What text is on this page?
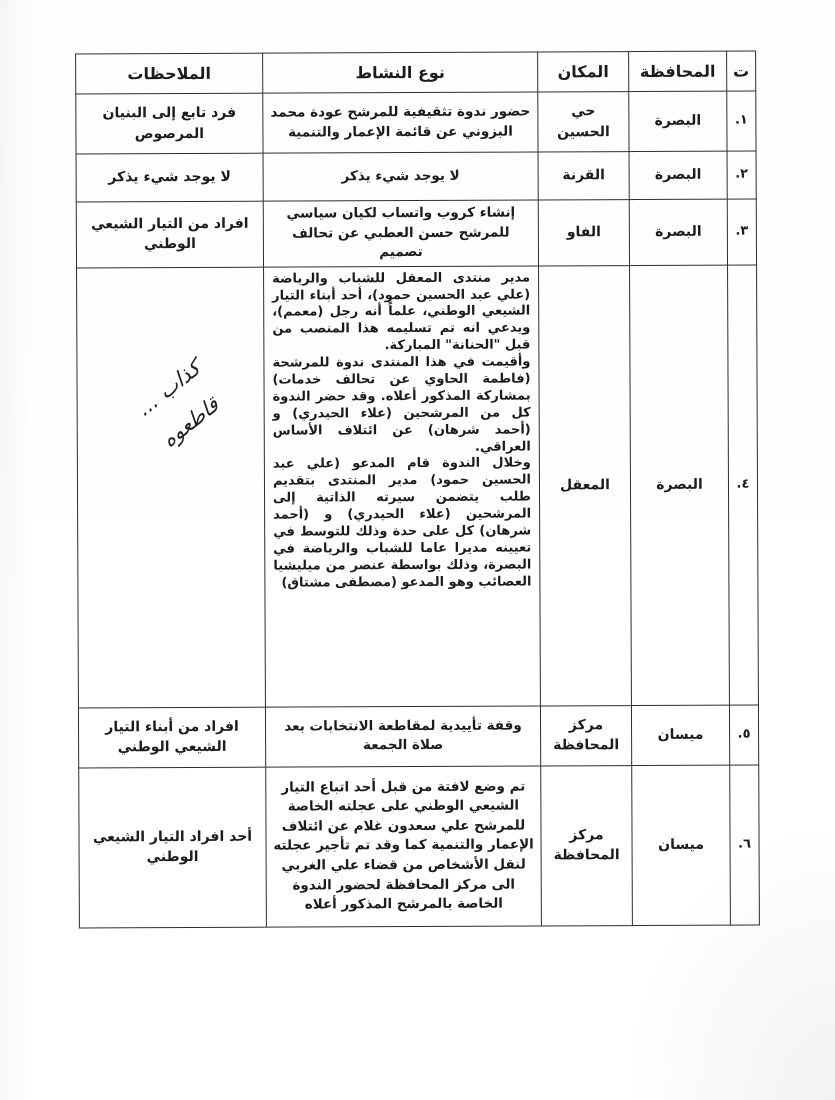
ت	المحافظة	المكان	نوع النشاط	الملاحظات
١.	البصرة	حي الحسين	حضور ندوة تثقيفية للمرشح عودة محمد البزوني عن قائمة الإعمار والتنمية	فرد تابع إلى البنيان المرصوص
٢.	البصرة	القرنة	لا يوجد شيء يذكر	لا يوجد شيء يذكر
٣.	البصرة	الفاو	إنشاء كروب واتساب لكيان سياسي للمرشح حسن العطبي عن تحالف تصميم	افراد من التيار الشيعي الوطني
٤.	البصرة	المعقل	مدير منتدى المعقل للشباب والرياضة (علي عبد الحسين حمود)، أحد أبناء التيار الشيعي الوطني، علماً أنه رجل (معمم)، ويدعي انه تم تسليمه هذا المنصب من قبل "الحنانة" المباركة.
وأقيمت في هذا المنتدى ندوة للمرشحة (فاطمة الحاوي عن تحالف خدمات) بمشاركة المذكور أعلاه. وقد حضر الندوة كل من المرشحين (علاء الحيدري) و (أحمد شرهان) عن ائتلاف الأساس العراقي.
وخلال الندوة قام المدعو (علي عبد الحسين حمود) مدير المنتدى بتقديم طلب يتضمن سيرته الذاتية إلى المرشحين (علاء الحيدري) و (أحمد شرهان) كل على حدة وذلك للتوسط في تعيينه مديرا عاما للشباب والرياضة في البصرة، وذلك بواسطة عنصر من ميليشيا العصائب وهو المدعو (مصطفى مشتاق)	كذاب ...
قاطعوه
٥.	ميسان	مركز المحافظة	وقفة تأييدية لمقاطعة الانتخابات بعد صلاة الجمعة	افراد من أبناء التيار الشيعي الوطني
٦.	ميسان	مركز المحافظة	تم وضع لافتة من قبل أحد اتباع التيار الشيعي الوطني على عجلته الخاصة للمرشح علي سعدون غلام عن ائتلاف الإعمار والتنمية كما وقد تم تأجير عجلته لنقل الأشخاص من قضاء علي الغربي الى مركز المحافظة لحضور الندوة الخاصة بالمرشح المذكور أعلاه	أحد افراد التيار الشيعي الوطني
